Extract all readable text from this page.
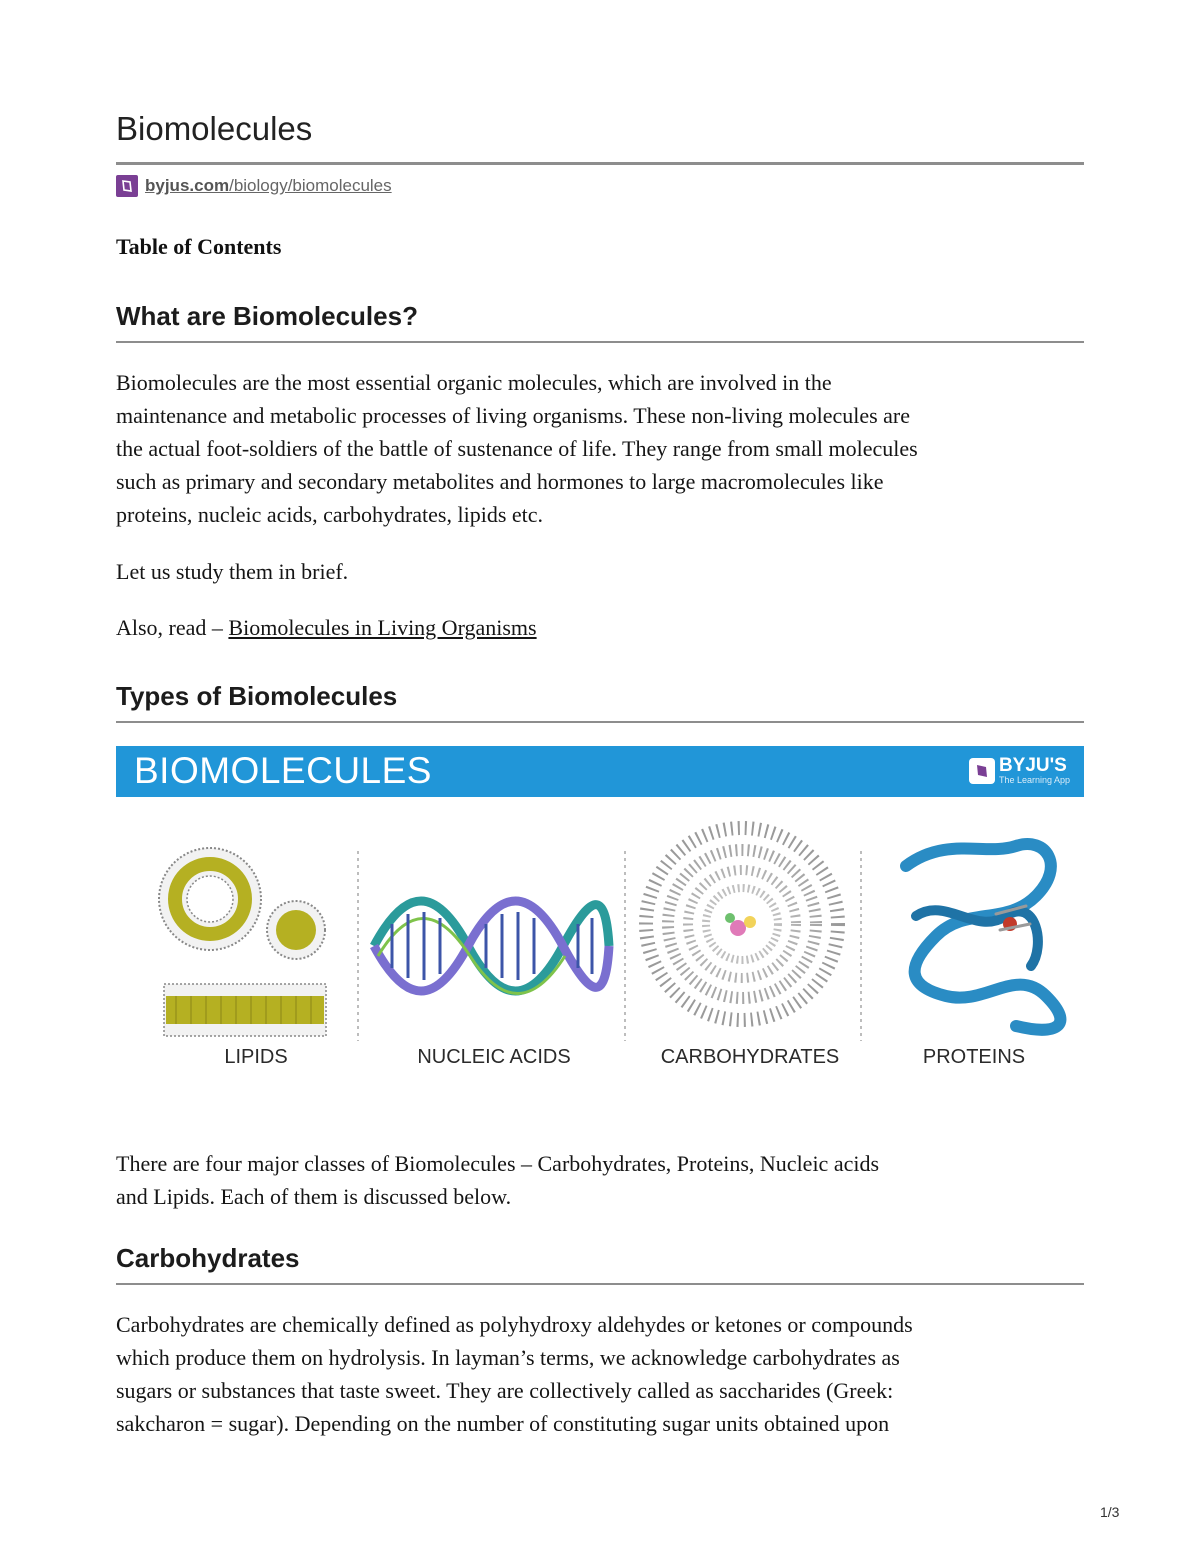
Biomolecules
byjus.com/biology/biomolecules
Table of Contents
What are Biomolecules?

Biomolecules are the most essential organic molecules, which are involved in the
maintenance and metabolic processes of living organisms. These non-living molecules are
the actual foot-soldiers of the battle of sustenance of life. They range from small molecules
such as primary and secondary metabolites and hormones to large macromolecules like
proteins, nucleic acids, carbohydrates, lipids etc.

Let us study them in brief.

Also, read – Biomolecules in Living Organisms

Types of Biomolecules
BIOMOLECULES	BYJU'S
The Learning App
LIPIDS	NUCLEIC ACIDS	CARBOHYDRATES	PROTEINS

There are four major classes of Biomolecules – Carbohydrates, Proteins, Nucleic acids
and Lipids. Each of them is discussed below.

Carbohydrates

Carbohydrates are chemically defined as polyhydroxy aldehydes or ketones or compounds
which produce them on hydrolysis. In layman’s terms, we acknowledge carbohydrates as
sugars or substances that taste sweet. They are collectively called as saccharides (Greek:
sakcharon = sugar). Depending on the number of constituting sugar units obtained upon

1/3
